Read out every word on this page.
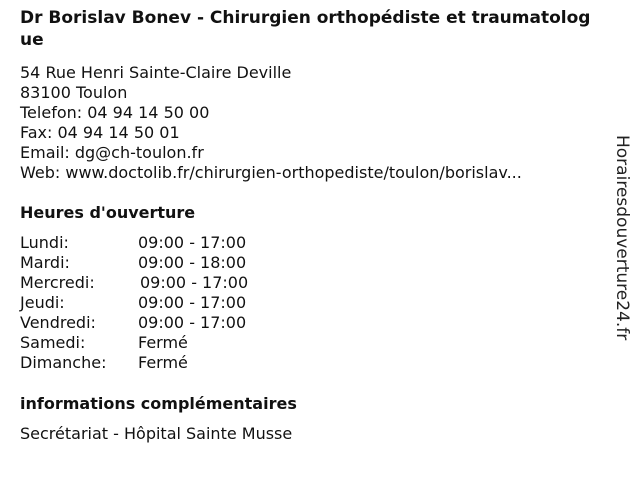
Dr Borislav Bonev - Chirurgien orthopédiste et traumatologue
54 Rue Henri Sainte-Claire Deville
83100 Toulon
Telefon: 04 94 14 50 00
Fax: 04 94 14 50 01
Email: dg@ch-toulon.fr
Web: www.doctolib.fr/chirurgien-orthopediste/toulon/borislav...
Heures d'ouverture
Lundi:	09:00 - 17:00
Mardi:	09:00 - 18:00
Mercredi:	09:00 - 17:00
Jeudi:	09:00 - 17:00
Vendredi:	09:00 - 17:00
Samedi:	Fermé
Dimanche:	Fermé
informations complémentaires
Secrétariat - Hôpital Sainte Musse
Horairesdouverture24.fr
